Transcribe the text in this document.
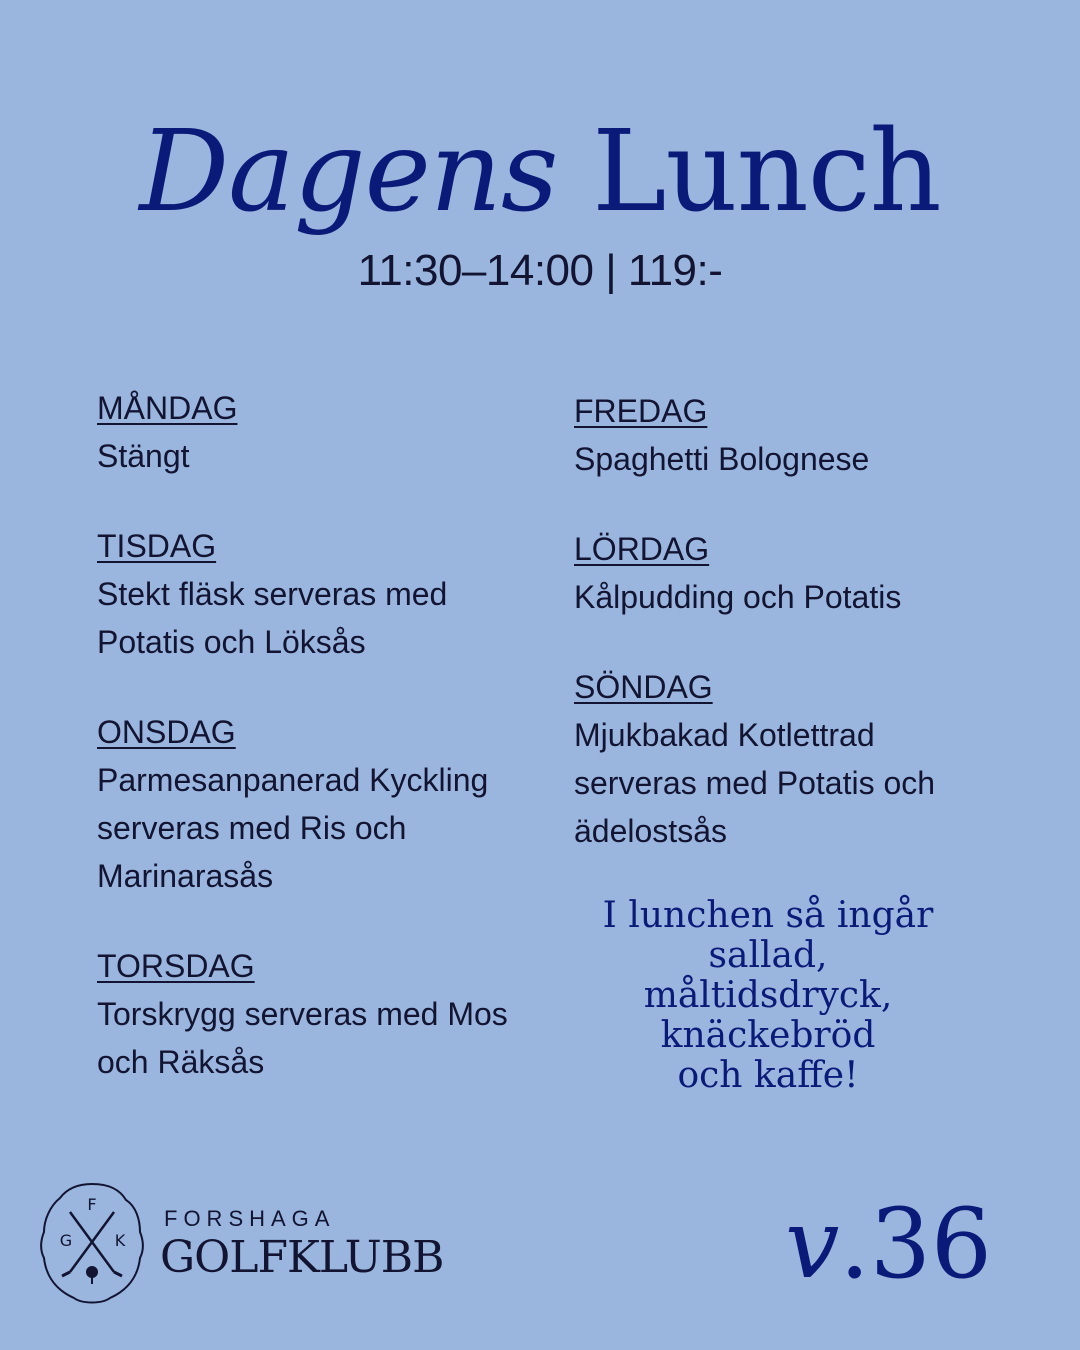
Dagens Lunch
11:30–14:00 | 119:-
MÅNDAG
Stängt
TISDAG
Stekt fläsk serveras med Potatis och Löksås
ONSDAG
Parmesanpanerad Kyckling serveras med Ris och Marinarasås
TORSDAG
Torskrygg serveras med Mos och Räksås
FREDAG
Spaghetti Bolognese
LÖRDAG
Kålpudding och Potatis
SÖNDAG
Mjukbakad Kotlettrad serveras med Potatis och ädelostsås
I lunchen så ingår sallad,
måltidsdryck,
knäckebröd
och kaffe!
F
G	K
FORSHAGA
GOLFKLUBB	v.36
